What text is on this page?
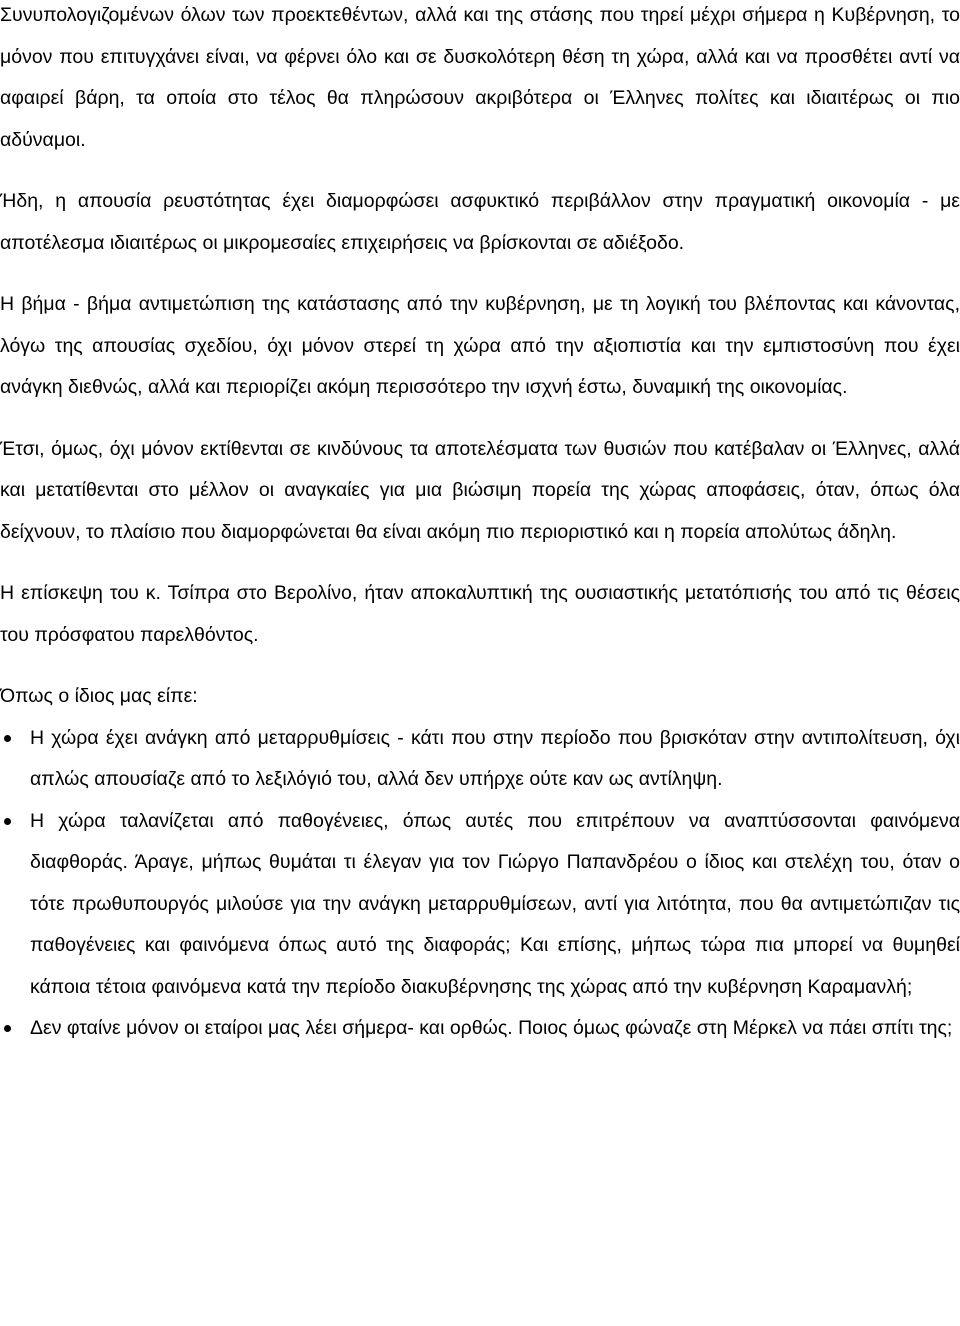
Συνυπολογιζομένων όλων των προεκτεθέντων, αλλά και της στάσης που τηρεί μέχρι σήμερα η Κυβέρνηση, το μόνον που επιτυγχάνει είναι, να φέρνει όλο και σε δυσκολότερη θέση τη χώρα, αλλά και να προσθέτει αντί να αφαιρεί βάρη, τα οποία στο τέλος θα πληρώσουν ακριβότερα οι Έλληνες πολίτες και ιδιαιτέρως οι πιο αδύναμοι.

Ήδη, η απουσία ρευστότητας έχει διαμορφώσει ασφυκτικό περιβάλλον στην πραγματική οικονομία - με αποτέλεσμα ιδιαιτέρως οι μικρομεσαίες επιχειρήσεις να βρίσκονται σε αδιέξοδο.

Η βήμα - βήμα αντιμετώπιση της κατάστασης από την κυβέρνηση, με τη λογική του βλέποντας και κάνοντας, λόγω της απουσίας σχεδίου, όχι μόνον στερεί τη χώρα από την αξιοπιστία και την εμπιστοσύνη που έχει ανάγκη διεθνώς, αλλά και περιορίζει ακόμη περισσότερο την ισχνή έστω, δυναμική της οικονομίας.

Έτσι, όμως, όχι μόνον εκτίθενται σε κινδύνους τα αποτελέσματα των θυσιών που κατέβαλαν οι Έλληνες, αλλά και μετατίθενται στο μέλλον οι αναγκαίες για μια βιώσιμη πορεία της χώρας αποφάσεις, όταν, όπως όλα δείχνουν, το πλαίσιο που διαμορφώνεται θα είναι ακόμη πιο περιοριστικό και η πορεία απολύτως άδηλη.

Η επίσκεψη του κ. Τσίπρα στο Βερολίνο, ήταν αποκαλυπτική της ουσιαστικής μετατόπισής του από τις θέσεις του πρόσφατου παρελθόντος.

Όπως ο ίδιος μας είπε:

Η χώρα έχει ανάγκη από μεταρρυθμίσεις - κάτι που στην περίοδο που βρισκόταν στην αντιπολίτευση, όχι απλώς απουσίαζε από το λεξιλόγιό του, αλλά δεν υπήρχε ούτε καν ως αντίληψη.
Η χώρα ταλανίζεται από παθογένειες, όπως αυτές που επιτρέπουν να αναπτύσσονται φαινόμενα διαφθοράς. Άραγε, μήπως θυμάται τι έλεγαν για τον Γιώργο Παπανδρέου ο ίδιος και στελέχη του, όταν ο τότε πρωθυπουργός μιλούσε για την ανάγκη μεταρρυθμίσεων, αντί για λιτότητα, που θα αντιμετώπιζαν τις παθογένειες και φαινόμενα όπως αυτό της διαφοράς; Και επίσης, μήπως τώρα πια μπορεί να θυμηθεί κάποια τέτοια φαινόμενα κατά την περίοδο διακυβέρνησης της χώρας από την κυβέρνηση Καραμανλή;
Δεν φταίνε μόνον οι εταίροι μας λέει σήμερα- και ορθώς. Ποιος όμως φώναζε στη Μέρκελ να πάει σπίτι της;
